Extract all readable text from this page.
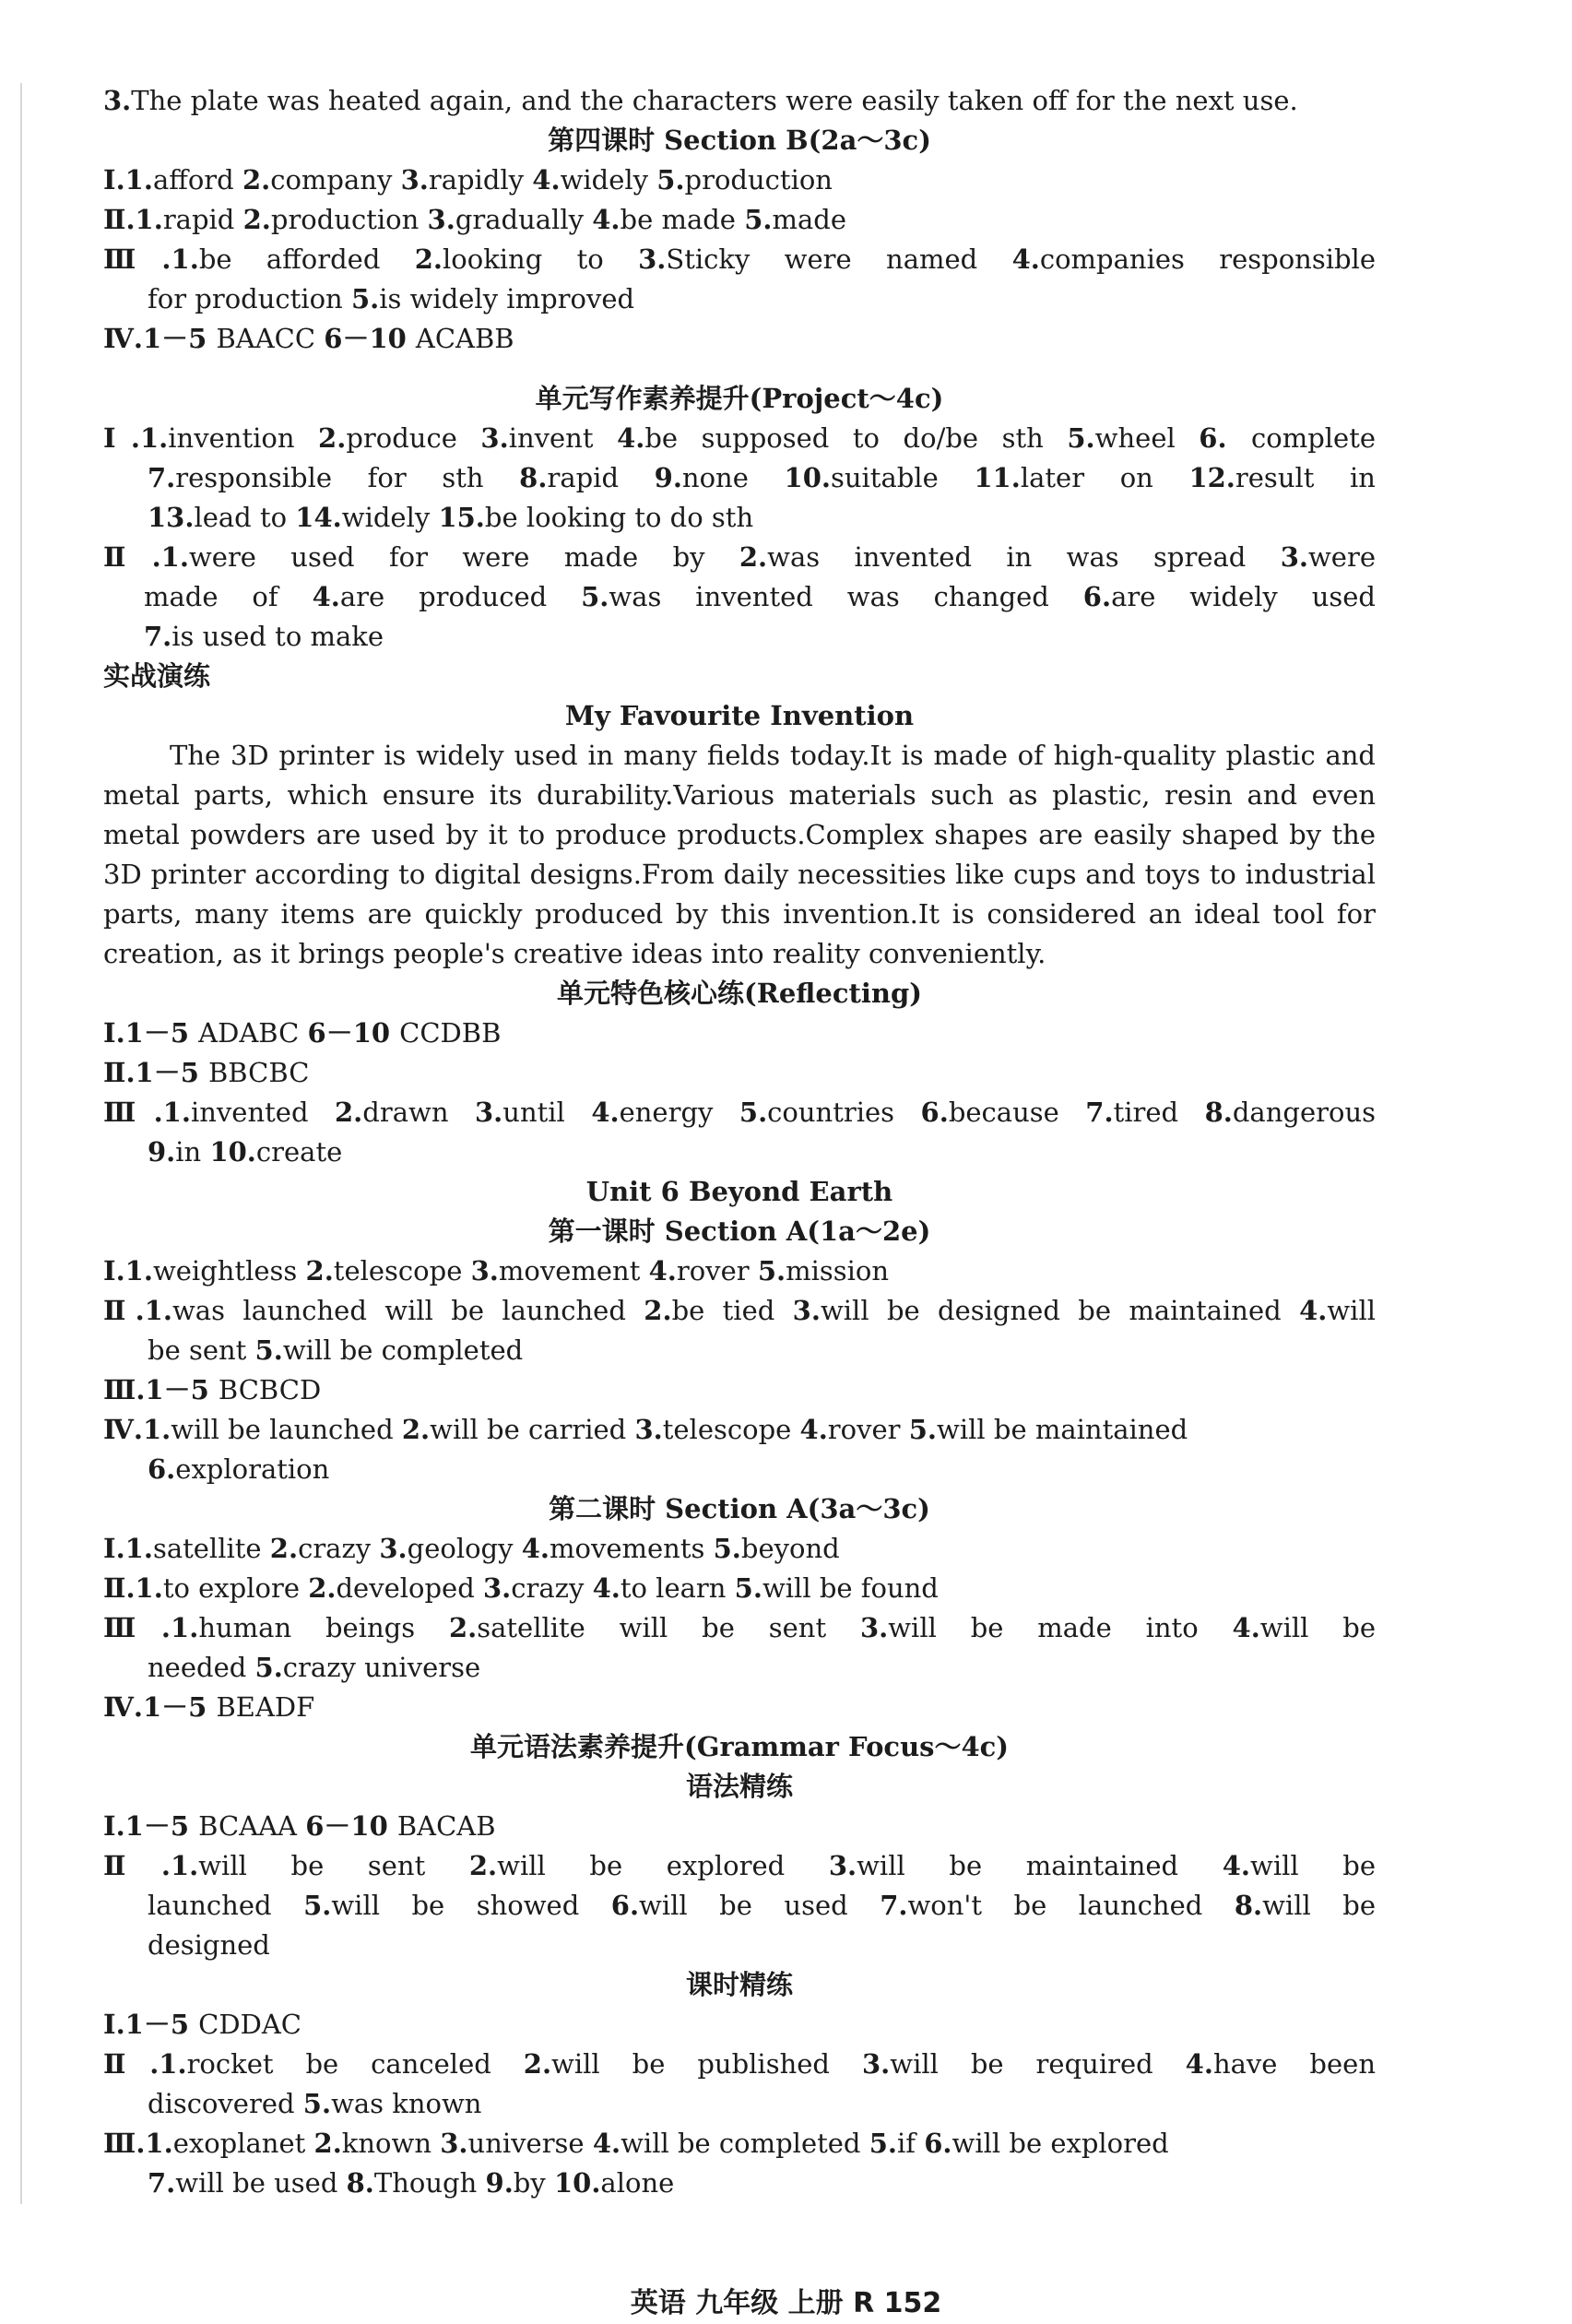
3.The plate was heated again, and the characters were easily taken off for the next use.
第四课时 Section B(2a～3c)
Ⅰ.1.afford 2.company 3.rapidly 4.widely 5.production
Ⅱ.1.rapid 2.production 3.gradually 4.be made 5.made
Ⅲ.1.be afforded 2.looking to 3.Sticky were named 4.companies responsible
for production 5.is widely improved
Ⅳ.1－5 BAACC 6－10 ACABB
单元写作素养提升(Project～4c)
Ⅰ.1.invention 2.produce 3.invent 4.be supposed to do/be sth 5.wheel 6. complete
7.responsible for sth 8.rapid 9.none 10.suitable 11.later on 12.result in
13.lead to 14.widely 15.be looking to do sth
Ⅱ.1.were used for were made by 2.was invented in was spread 3.were
made of 4.are produced 5.was invented was changed 6.are widely used
7.is used to make
实战演练
My Favourite Invention
The 3D printer is widely used in many fields today.It is made of high-quality plastic and
metal parts, which ensure its durability.Various materials such as plastic, resin and even
metal powders are used by it to produce products.Complex shapes are easily shaped by the
3D printer according to digital designs.From daily necessities like cups and toys to industrial
parts, many items are quickly produced by this invention.It is considered an ideal tool for
creation, as it brings people's creative ideas into reality conveniently.
单元特色核心练(Reflecting)
Ⅰ.1－5 ADABC 6－10 CCDBB
Ⅱ.1－5 BBCBC
Ⅲ.1.invented 2.drawn 3.until 4.energy 5.countries 6.because 7.tired 8.dangerous
9.in 10.create
Unit 6 Beyond Earth
第一课时 Section A(1a～2e)
Ⅰ.1.weightless 2.telescope 3.movement 4.rover 5.mission
Ⅱ.1.was launched will be launched 2.be tied 3.will be designed be maintained 4.will
be sent 5.will be completed
Ⅲ.1－5 BCBCD
Ⅳ.1.will be launched 2.will be carried 3.telescope 4.rover 5.will be maintained
6.exploration
第二课时 Section A(3a～3c)
Ⅰ.1.satellite 2.crazy 3.geology 4.movements 5.beyond
Ⅱ.1.to explore 2.developed 3.crazy 4.to learn 5.will be found
Ⅲ.1.human beings 2.satellite will be sent 3.will be made into 4.will be
needed 5.crazy universe
Ⅳ.1－5 BEADF
单元语法素养提升(Grammar Focus～4c)
语法精练
Ⅰ.1－5 BCAAA 6－10 BACAB
Ⅱ.1.will be sent 2.will be explored 3.will be maintained 4.will be
launched 5.will be showed 6.will be used 7.won't be launched 8.will be
designed
课时精练
Ⅰ.1－5 CDDAC
Ⅱ.1.rocket be canceled 2.will be published 3.will be required 4.have been
discovered 5.was known
Ⅲ.1.exoplanet 2.known 3.universe 4.will be completed 5.if 6.will be explored
7.will be used 8.Though 9.by 10.alone
英语 九年级 上册 R 152
